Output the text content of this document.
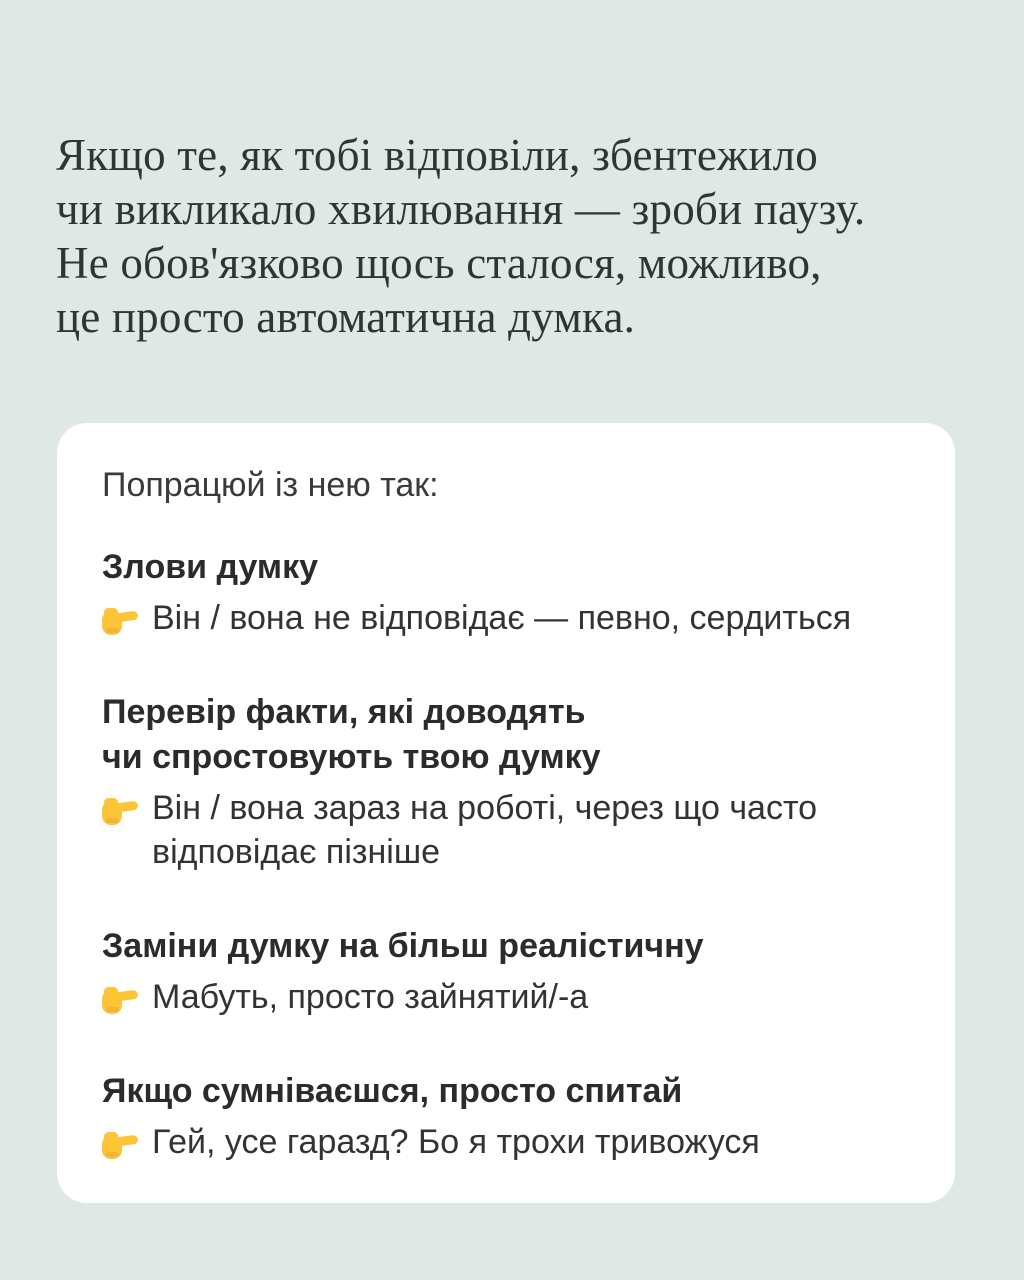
Якщо те, як тобі відповіли, збентежило
чи викликало хвилювання — зроби паузу.
Не обов'язково щось сталося, можливо,
це просто автоматична думка.
Попрацюй із нею так:
Злови думку
Він / вона не відповідає — певно, сердиться
Перевір факти, які доводять
чи спростовують твою думку
Він / вона зараз на роботі, через що часто відповідає пізніше
Заміни думку на більш реалістичну
Мабуть, просто зайнятий/-а
Якщо сумніваєшся, просто спитай
Гей, усе гаразд? Бо я трохи тривожуся
